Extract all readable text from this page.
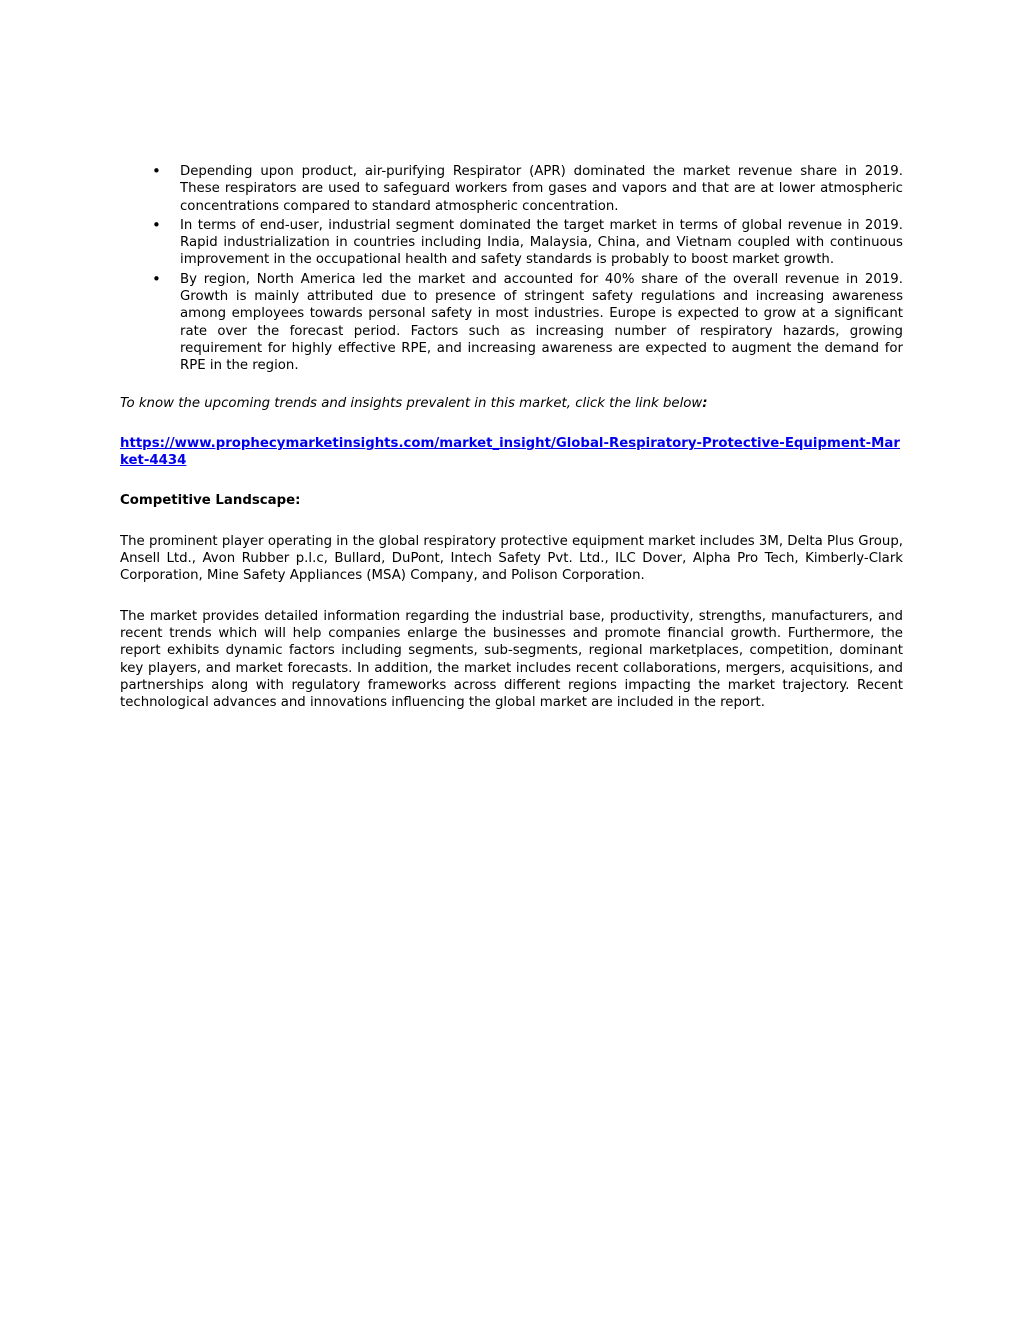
• Depending upon product, air-purifying Respirator (APR) dominated the market revenue share in 2019. These respirators are used to safeguard workers from gases and vapors and that are at lower atmospheric concentrations compared to standard atmospheric concentration.
• In terms of end-user, industrial segment dominated the target market in terms of global revenue in 2019. Rapid industrialization in countries including India, Malaysia, China, and Vietnam coupled with continuous improvement in the occupational health and safety standards is probably to boost market growth.
• By region, North America led the market and accounted for 40% share of the overall revenue in 2019. Growth is mainly attributed due to presence of stringent safety regulations and increasing awareness among employees towards personal safety in most industries. Europe is expected to grow at a significant rate over the forecast period. Factors such as increasing number of respiratory hazards, growing requirement for highly effective RPE, and increasing awareness are expected to augment the demand for RPE in the region.

To know the upcoming trends and insights prevalent in this market, click the link below:

https://www.prophecymarketinsights.com/market_insight/Global-Respiratory-Protective-Equipment-Market-4434

Competitive Landscape:

The prominent player operating in the global respiratory protective equipment market includes 3M, Delta Plus Group, Ansell Ltd., Avon Rubber p.l.c, Bullard, DuPont, Intech Safety Pvt. Ltd., ILC Dover, Alpha Pro Tech, Kimberly-Clark Corporation, Mine Safety Appliances (MSA) Company, and Polison Corporation.

The market provides detailed information regarding the industrial base, productivity, strengths, manufacturers, and recent trends which will help companies enlarge the businesses and promote financial growth. Furthermore, the report exhibits dynamic factors including segments, sub-segments, regional marketplaces, competition, dominant key players, and market forecasts. In addition, the market includes recent collaborations, mergers, acquisitions, and partnerships along with regulatory frameworks across different regions impacting the market trajectory. Recent technological advances and innovations influencing the global market are included in the report.
